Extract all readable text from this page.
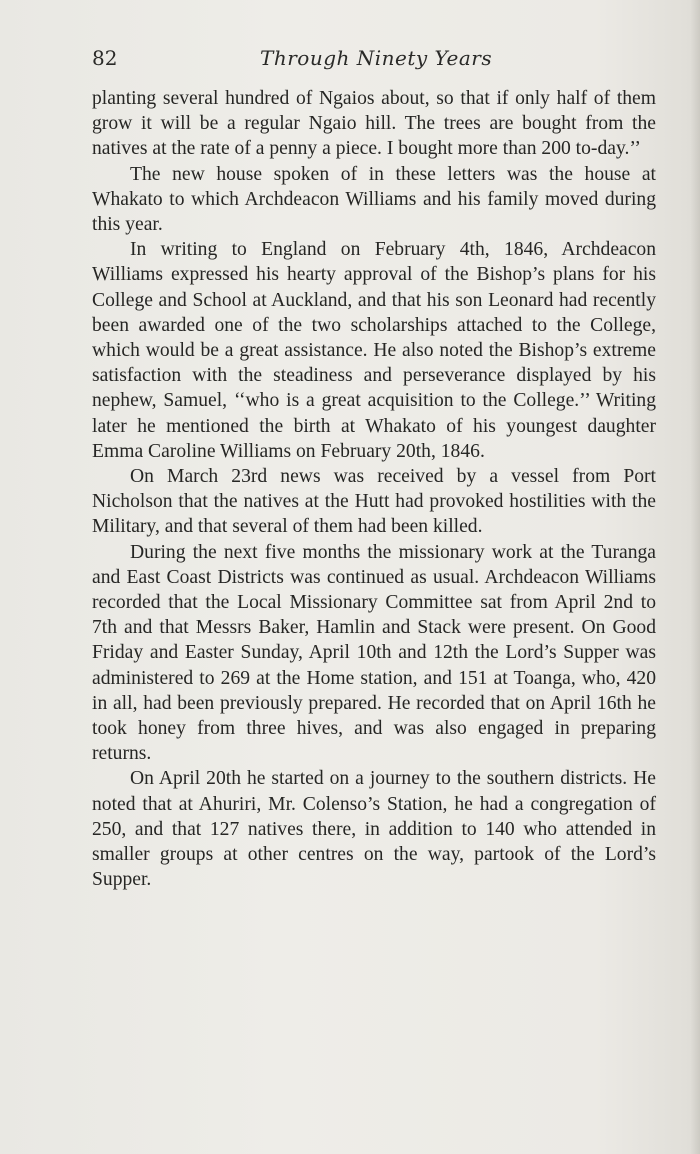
82	Through Ninety Years

planting several hundred of Ngaios about, so that if only half of them grow it will be a regular Ngaio hill. The trees are bought from the natives at the rate of a penny a piece. I bought more than 200 to-day.’’

The new house spoken of in these letters was the house at Whakato to which Archdeacon Williams and his family moved during this year.

In writing to England on February 4th, 1846, Archdeacon Williams expressed his hearty approval of the Bishop’s plans for his College and School at Auckland, and that his son Leonard had recently been awarded one of the two scholarships attached to the College, which would be a great assistance. He also noted the Bishop’s extreme satisfaction with the steadiness and perseverance displayed by his nephew, Samuel, ‘‘who is a great acquisition to the College.’’ Writing later he mentioned the birth at Whakato of his youngest daughter Emma Caroline Williams on February 20th, 1846.

On March 23rd news was received by a vessel from Port Nicholson that the natives at the Hutt had provoked hostilities with the Military, and that several of them had been killed.

During the next five months the missionary work at the Turanga and East Coast Districts was continued as usual. Archdeacon Williams recorded that the Local Missionary Committee sat from April 2nd to 7th and that Messrs Baker, Hamlin and Stack were present. On Good Friday and Easter Sunday, April 10th and 12th the Lord’s Supper was administered to 269 at the Home station, and 151 at Toanga, who, 420 in all, had been previously prepared. He recorded that on April 16th he took honey from three hives, and was also engaged in preparing returns.

On April 20th he started on a journey to the southern districts. He noted that at Ahuriri, Mr. Colenso’s Station, he had a congregation of 250, and that 127 natives there, in addition to 140 who attended in smaller groups at other centres on the way, partook of the Lord’s Supper.
